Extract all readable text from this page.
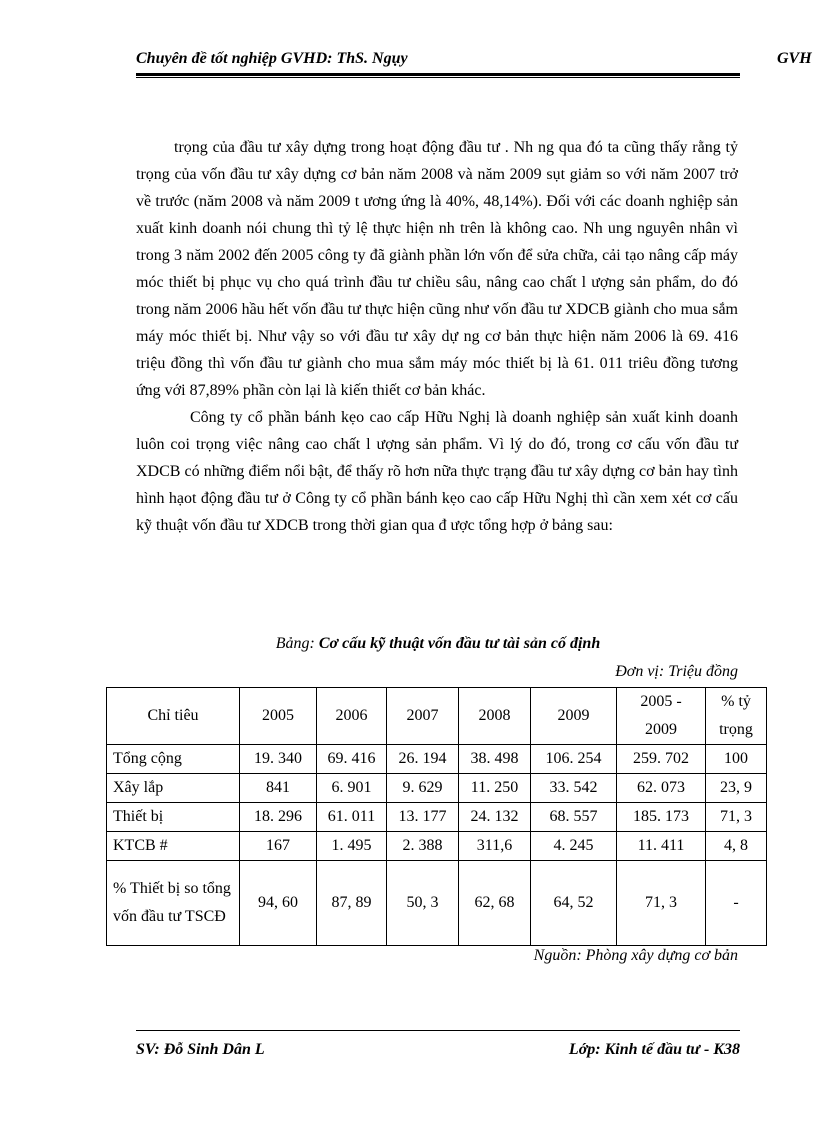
Chuyên đề tốt nghiệp GVHD: ThS. Ngụy	GVH

trọng của đầu tư xây dựng trong hoạt động đầu tư . Nh ng qua đó ta cũng thấy rằng tỷ trọng của vốn đầu tư xây dựng cơ bản năm 2008 và năm 2009 sụt giảm so với năm 2007 trở về trước (năm 2008 và năm 2009 t ương ứng là 40%, 48,14%). Đối với các doanh nghiệp sản xuất kinh doanh nói chung thì tỷ lệ thực hiện nh trên là không cao. Nh ung nguyên nhân vì trong 3 năm 2002 đến 2005 công ty đã giành phần lớn vốn để sửa chữa, cải tạo nâng cấp máy móc thiết bị phục vụ cho quá trình đầu tư chiều sâu, nâng cao chất l ượng sản phẩm, do đó trong năm 2006 hầu hết vốn đầu tư thực hiện cũng như vốn đầu tư XDCB giành cho mua sắm máy móc thiết bị. Như vậy so với đầu tư xây dự ng cơ bản thực hiện năm 2006 là 69. 416 triệu đồng thì vốn đầu tư giành cho mua sắm máy móc thiết bị là 61. 011 triêu đồng tương ứng với 87,89% phần còn lại là kiến thiết cơ bản khác.

Công ty cổ phần bánh kẹo cao cấp Hữu Nghị là doanh nghiệp sản xuất kinh doanh luôn coi trọng việc nâng cao chất l ượng sản phẩm. Vì lý do đó, trong cơ cấu vốn đầu tư XDCB có những điểm nổi bật, để thấy rõ hơn nữa thực trạng đầu tư xây dựng cơ bản hay tình hình hạot động đầu tư ở Công ty cổ phần bánh kẹo cao cấp Hữu Nghị thì cần xem xét cơ cấu kỹ thuật vốn đầu tư XDCB trong thời gian qua đ ược tổng hợp ở bảng sau:

Bảng: Cơ cấu kỹ thuật vốn đầu tư tài sản cố định
Đơn vị: Triệu đồng
Chỉ tiêu	2005	2006	2007	2008	2009	2005 - 2009	% tỷ trọng
Tổng cộng	19. 340	69. 416	26. 194	38. 498	106. 254	259. 702	100
Xây lắp	841	6. 901	9. 629	11. 250	33. 542	62. 073	23, 9
Thiết bị	18. 296	61. 011	13. 177	24. 132	68. 557	185. 173	71, 3
KTCB #	167	1. 495	2. 388	311,6	4. 245	11. 411	4, 8
% Thiết bị so tổng vốn đầu tư TSCĐ	94, 60	87, 89	50, 3	62, 68	64, 52	71, 3	-
Nguồn: Phòng xây dựng cơ bản
SV: Đỗ Sinh Dân L	Lớp: Kinh tế đầu tư - K38
